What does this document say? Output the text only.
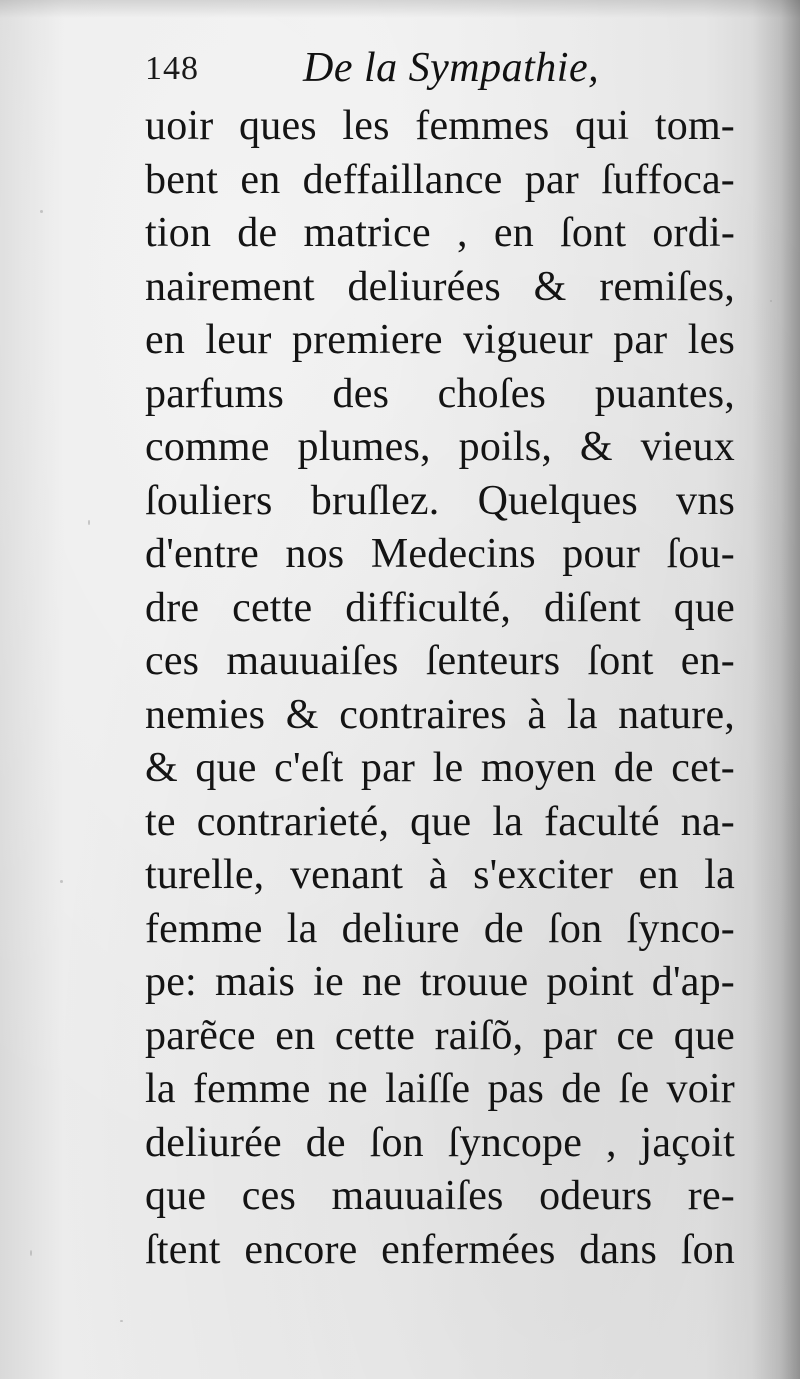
148 De la Sympathie,
uoir ques les femmes qui tom-
bent en deffaillance par ſuffoca-
tion de matrice , en ſont ordi-
nairement deliurées & remiſes,
en leur premiere vigueur par les
parfums des choſes puantes,
comme plumes, poils, & vieux
ſouliers bruſlez. Quelques vns
d'entre nos Medecins pour ſou-
dre cette difficulté, diſent que
ces mauuaiſes ſenteurs ſont en-
nemies & contraires à la nature,
& que c'eſt par le moyen de cet-
te contrarieté, que la faculté na-
turelle, venant à s'exciter en la
femme la deliure de ſon ſynco-
pe: mais ie ne trouue point d'ap-
parẽce en cette raiſõ, par ce que
la femme ne laiſſe pas de ſe voir
deliurée de ſon ſyncope , jaçoit
que ces mauuaiſes odeurs re-
ſtent encore enfermées dans ſon
